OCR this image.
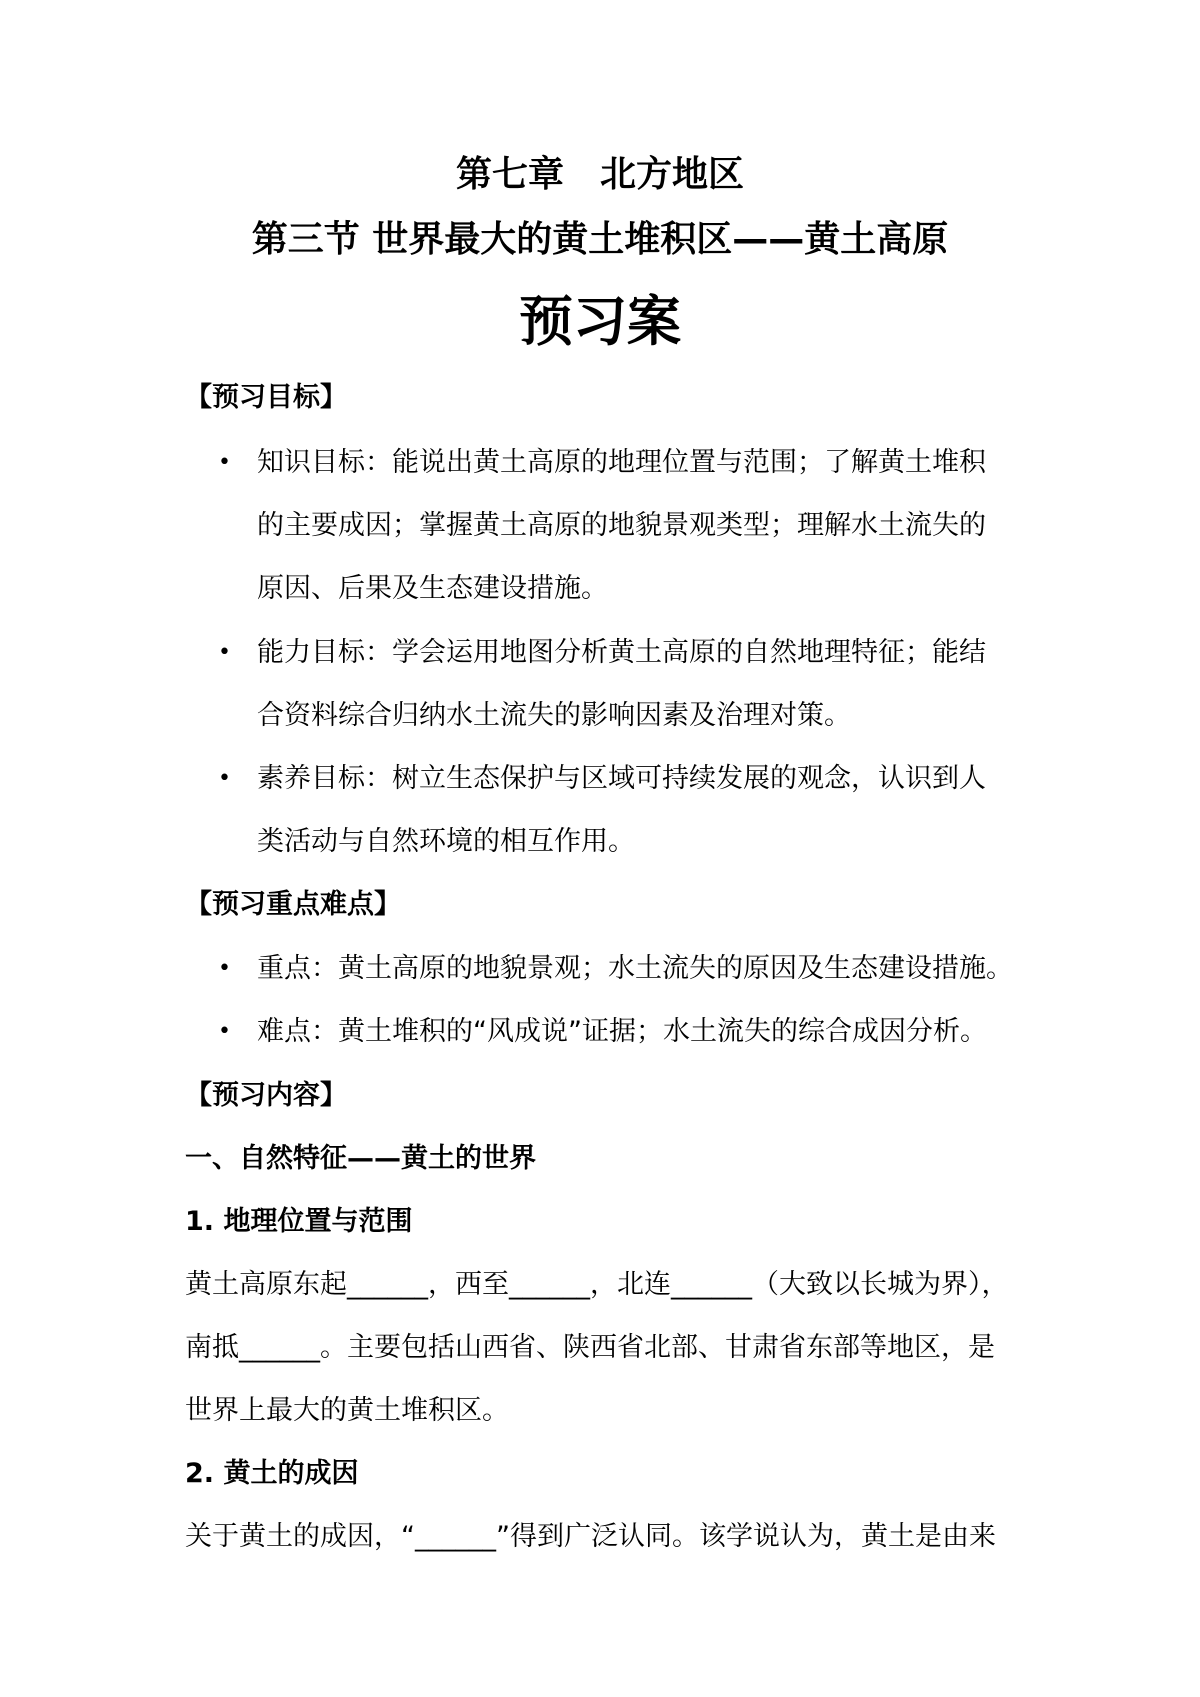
第七章　北方地区
第三节 世界最大的黄土堆积区——黄土高原
预习案
【预习目标】
• 知识目标：能说出黄土高原的地理位置与范围；了解黄土堆积
的主要成因；掌握黄土高原的地貌景观类型；理解水土流失的
原因、后果及生态建设措施。
• 能力目标：学会运用地图分析黄土高原的自然地理特征；能结
合资料综合归纳水土流失的影响因素及治理对策。
• 素养目标：树立生态保护与区域可持续发展的观念，认识到人
类活动与自然环境的相互作用。
【预习重点难点】
• 重点：黄土高原的地貌景观；水土流失的原因及生态建设措施。
• 难点：黄土堆积的“风成说”证据；水土流失的综合成因分析。
【预习内容】
一、自然特征——黄土的世界
1. 地理位置与范围
黄土高原东起______，西至______，北连______（大致以长城为界），
南抵______。主要包括山西省、陕西省北部、甘肃省东部等地区，是
世界上最大的黄土堆积区。
2. 黄土的成因
关于黄土的成因，“______”得到广泛认同。该学说认为，黄土是由来
